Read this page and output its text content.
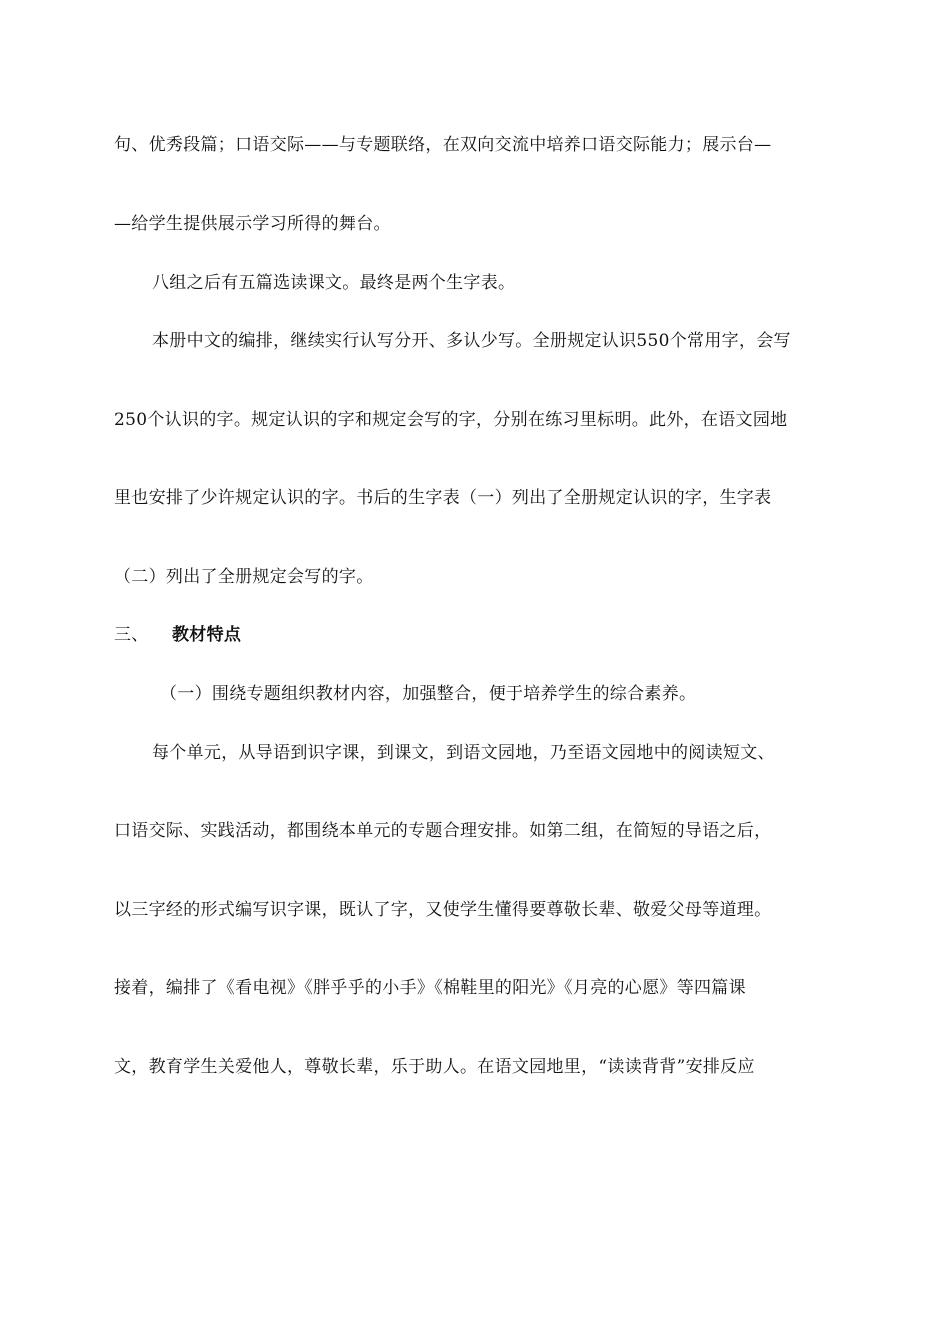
句、优秀段篇；口语交际——与专题联络，在双向交流中培养口语交际能力；展示台—
—给学生提供展示学习所得的舞台。
八组之后有五篇选读课文。最终是两个生字表。
本册中文的编排，继续实行认写分开、多认少写。全册规定认识550个常用字，会写
250个认识的字。规定认识的字和规定会写的字，分别在练习里标明。此外，在语文园地
里也安排了少许规定认识的字。书后的生字表（一）列出了全册规定认识的字，生字表
（二）列出了全册规定会写的字。
三、 教材特点
（一）围绕专题组织教材内容，加强整合，便于培养学生的综合素养。
每个单元，从导语到识字课，到课文，到语文园地，乃至语文园地中的阅读短文、
口语交际、实践活动，都围绕本单元的专题合理安排。如第二组，在简短的导语之后，
以三字经的形式编写识字课，既认了字，又使学生懂得要尊敬长辈、敬爱父母等道理。
接着，编排了《看电视》《胖乎乎的小手》《棉鞋里的阳光》《月亮的心愿》等四篇课
文，教育学生关爱他人，尊敬长辈，乐于助人。在语文园地里，“读读背背”安排反应
